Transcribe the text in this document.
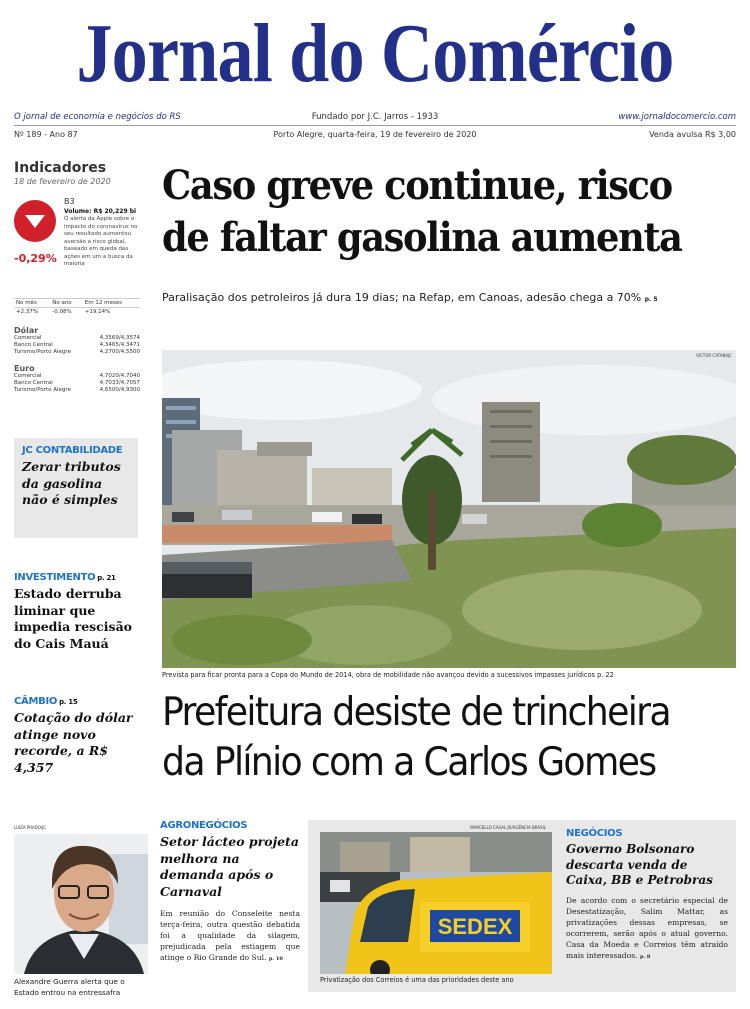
Jornal do Comércio
O jornal de economia e negócios do RS	Fundado por J.C. Jarros - 1933	www.jornaldocomercio.com
Nº 189 - Ano 87	Porto Alegre, quarta-feira, 19 de fevereiro de 2020	Venda avulsa R$ 3,00
Indicadores
18 de fevereiro de 2020
-0,29%
B3
Volume: R$ 20,229 bi
O alerta da Apple sobre o impacto do coronavírus no seu resultado aumentou aversão a risco global, baseado em queda das ações em um a busca da maioria
No mês	No ano	Em 12 meses
+2,37%	-0,08%	+19,14%
Dólar
Comercial	4,3569/4,3574
Banco Central	4,3465/4,3471
Turismo/Porto Alegre	4,2700/4,5500
Euro
Comercial	4,7020/4,7040
Banco Central	4,7033/4,7057
Turismo/Porto Alegre	4,6500/4,9300
JC CONTABILIDADE
Zerar tributos da gasolina não é simples
INVESTIMENTO p. 21
Estado derruba liminar que impedia rescisão do Cais Mauá
CÂMBIO p. 15
Cotação do dólar atinge novo recorde, a R$ 4,357
Caso greve continue, risco
de faltar gasolina aumenta
Paralisação dos petroleiros já dura 19 dias; na Refap, em Canoas, adesão chega a 70% p. 5
VICTOR CATANI/JC
Prevista para ficar pronta para a Copa do Mundo de 2014, obra de mobilidade não avançou devido a sucessivos impasses jurídicos p. 22
Prefeitura desiste de trincheira
da Plínio com a Carlos Gomes
LUIZA PRADO/JC
Alexandre Guerra alerta que o Estado entrou na entressafra
AGRONEGÓCIOS
Setor lácteo projeta melhora na demanda após o Carnaval
Em reunião do Conseleite nesta terça-feira, outra questão debatida foi a qualidade da silagem, prejudicada pela estiagem que atinge o Rio Grande do Sul. p. 10
MARCELLO CASAL JR/AGÊNCIA BRASIL
SEDEX
Privatização dos Correios é uma das prioridades deste ano
NEGÓCIOS
Governo Bolsonaro descarta venda de Caixa, BB e Petrobras
De acordo com o secretário especial de Desestatização, Salim Mattar, as privatizações dessas empresas, se ocorrerem, serão após o atual governo. Casa da Moeda e Correios têm atraído mais interessados. p. 8
